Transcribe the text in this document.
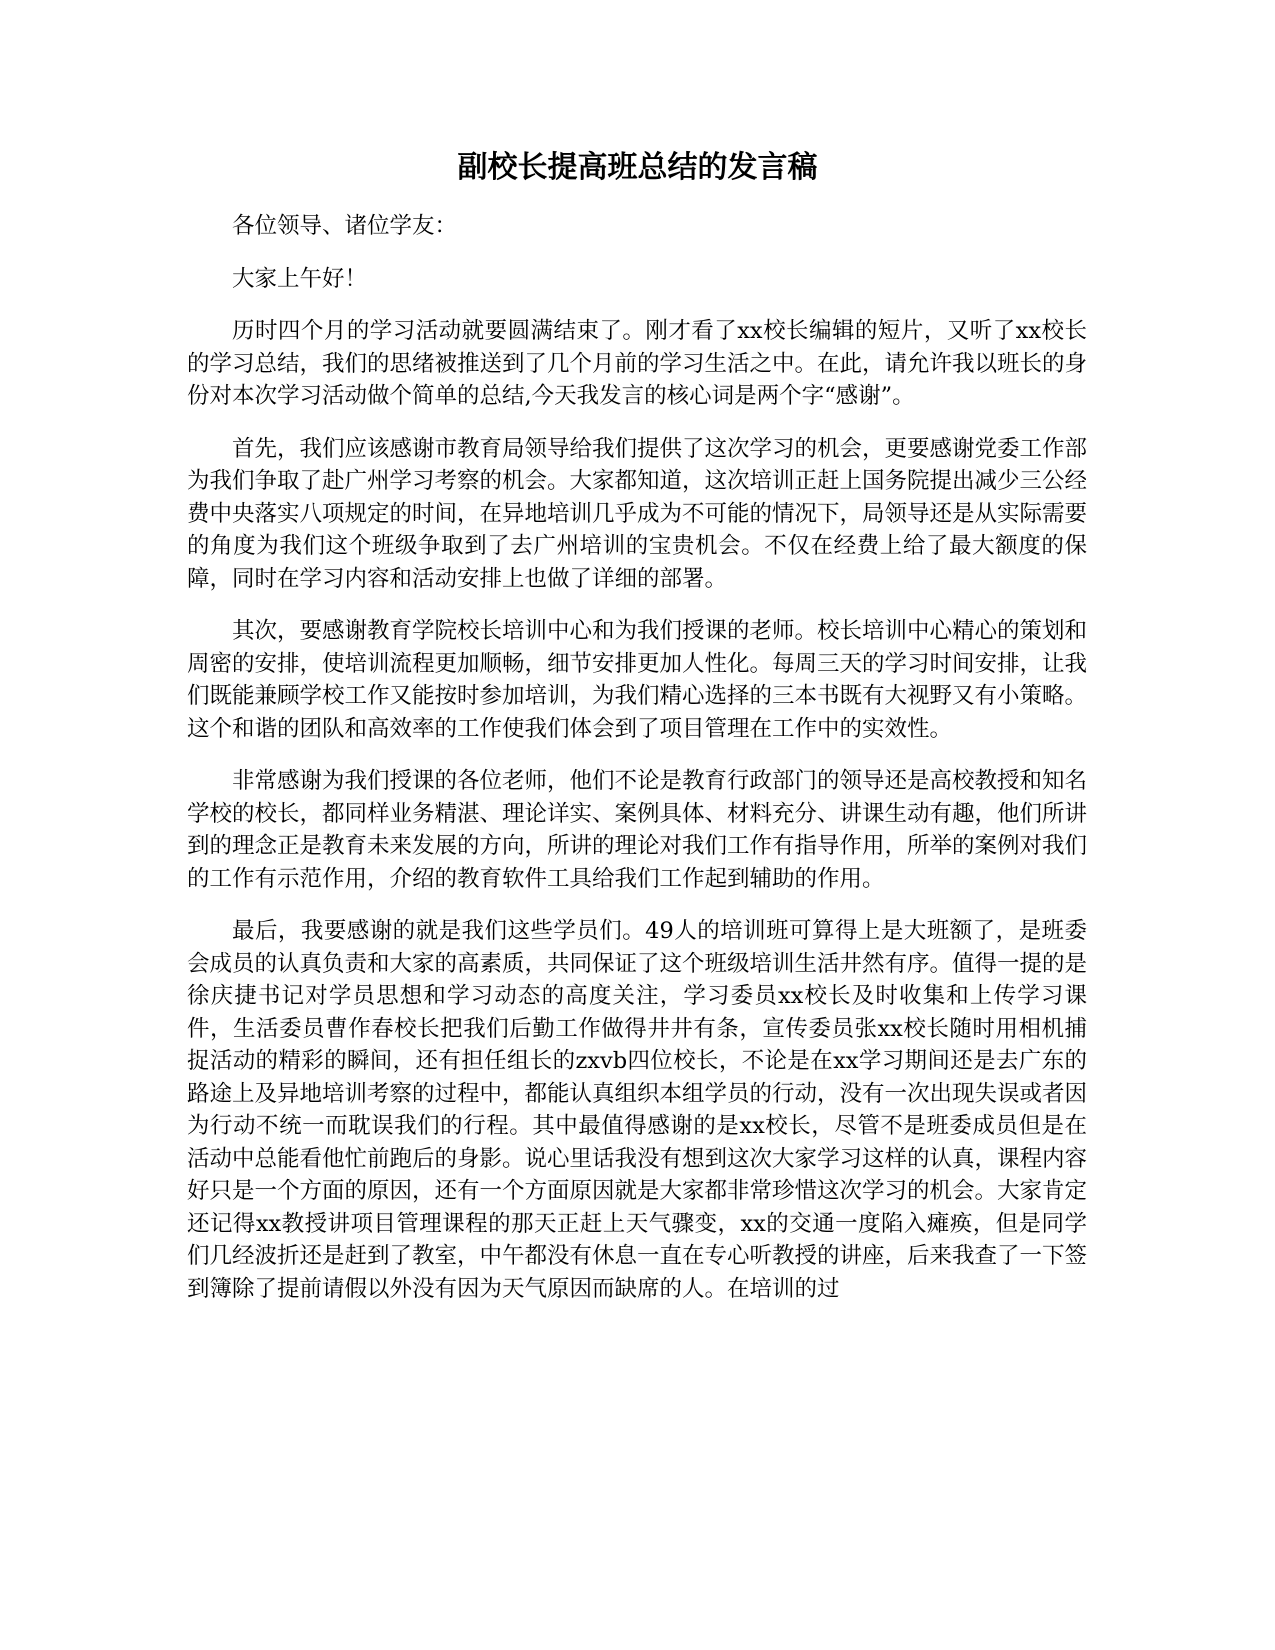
副校长提高班总结的发言稿

各位领导、诸位学友：

大家上午好！

历时四个月的学习活动就要圆满结束了。刚才看了xx校长编辑的短片，又听了xx校长的学习总结，我们的思绪被推送到了几个月前的学习生活之中。在此，请允许我以班长的身份对本次学习活动做个简单的总结,今天我发言的核心词是两个字“感谢”。

首先，我们应该感谢市教育局领导给我们提供了这次学习的机会，更要感谢党委工作部为我们争取了赴广州学习考察的机会。大家都知道，这次培训正赶上国务院提出减少三公经费中央落实八项规定的时间，在异地培训几乎成为不可能的情况下，局领导还是从实际需要的角度为我们这个班级争取到了去广州培训的宝贵机会。不仅在经费上给了最大额度的保障，同时在学习内容和活动安排上也做了详细的部署。

其次，要感谢教育学院校长培训中心和为我们授课的老师。校长培训中心精心的策划和周密的安排，使培训流程更加顺畅，细节安排更加人性化。每周三天的学习时间安排，让我们既能兼顾学校工作又能按时参加培训，为我们精心选择的三本书既有大视野又有小策略。这个和谐的团队和高效率的工作使我们体会到了项目管理在工作中的实效性。

非常感谢为我们授课的各位老师，他们不论是教育行政部门的领导还是高校教授和知名学校的校长，都同样业务精湛、理论详实、案例具体、材料充分、讲课生动有趣，他们所讲到的理念正是教育未来发展的方向，所讲的理论对我们工作有指导作用，所举的案例对我们的工作有示范作用，介绍的教育软件工具给我们工作起到辅助的作用。

最后，我要感谢的就是我们这些学员们。49人的培训班可算得上是大班额了，是班委会成员的认真负责和大家的高素质，共同保证了这个班级培训生活井然有序。值得一提的是徐庆捷书记对学员思想和学习动态的高度关注，学习委员xx校长及时收集和上传学习课件，生活委员曹作春校长把我们后勤工作做得井井有条，宣传委员张xx校长随时用相机捕捉活动的精彩的瞬间，还有担任组长的zxvb四位校长，不论是在xx学习期间还是去广东的路途上及异地培训考察的过程中，都能认真组织本组学员的行动，没有一次出现失误或者因为行动不统一而耽误我们的行程。其中最值得感谢的是xx校长，尽管不是班委成员但是在活动中总能看他忙前跑后的身影。说心里话我没有想到这次大家学习这样的认真，课程内容好只是一个方面的原因，还有一个方面原因就是大家都非常珍惜这次学习的机会。大家肯定还记得xx教授讲项目管理课程的那天正赶上天气骤变，xx的交通一度陷入瘫痪，但是同学们几经波折还是赶到了教室，中午都没有休息一直在专心听教授的讲座，后来我查了一下签到簿除了提前请假以外没有因为天气原因而缺席的人。在培训的过
